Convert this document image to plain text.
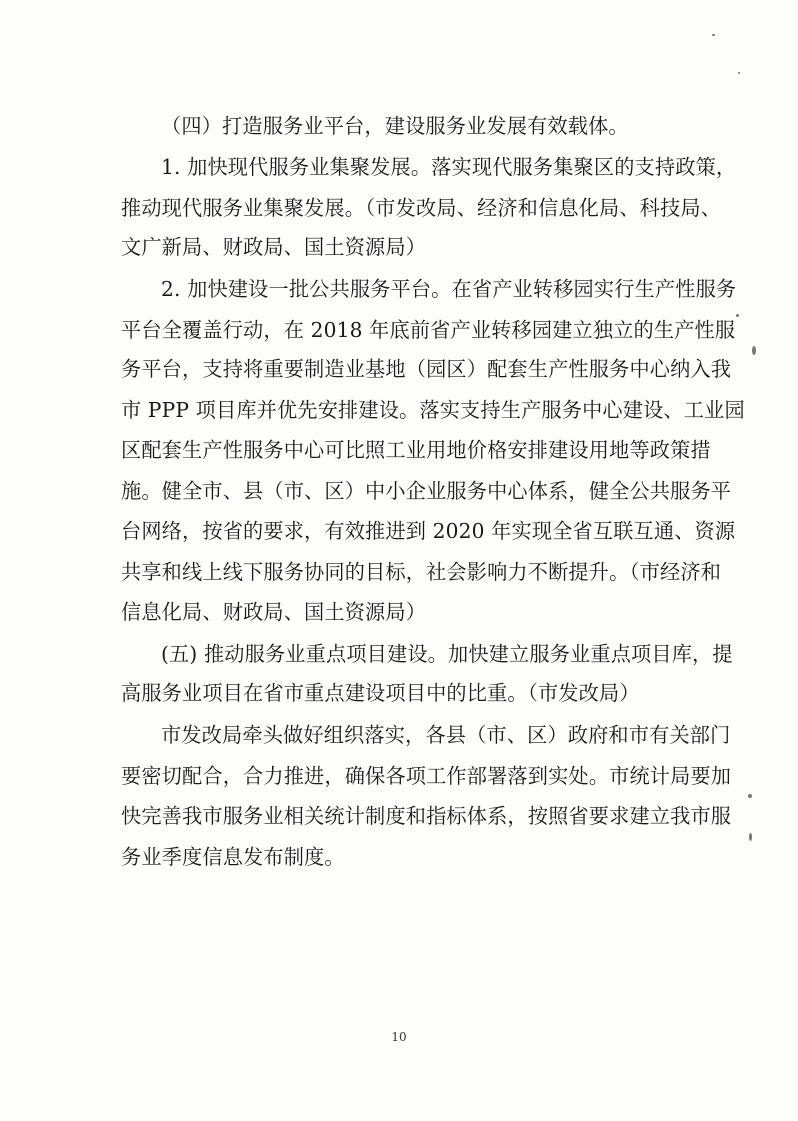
（四）打造服务业平台，建设服务业发展有效载体。
1. 加快现代服务业集聚发展。落实现代服务集聚区的支持政策，
推动现代服务业集聚发展。（市发改局、经济和信息化局、科技局、
文广新局、财政局、国土资源局）
2. 加快建设一批公共服务平台。在省产业转移园实行生产性服务
平台全覆盖行动，在 2018 年底前省产业转移园建立独立的生产性服
务平台，支持将重要制造业基地（园区）配套生产性服务中心纳入我
市 PPP 项目库并优先安排建设。落实支持生产服务中心建设、工业园
区配套生产性服务中心可比照工业用地价格安排建设用地等政策措
施。健全市、县（市、区）中小企业服务中心体系，健全公共服务平
台网络，按省的要求，有效推进到 2020 年实现全省互联互通、资源
共享和线上线下服务协同的目标，社会影响力不断提升。（市经济和
信息化局、财政局、国土资源局）
(五) 推动服务业重点项目建设。加快建立服务业重点项目库，提
高服务业项目在省市重点建设项目中的比重。（市发改局）
市发改局牵头做好组织落实，各县（市、区）政府和市有关部门
要密切配合，合力推进，确保各项工作部署落到实处。市统计局要加
快完善我市服务业相关统计制度和指标体系，按照省要求建立我市服
务业季度信息发布制度。
10
